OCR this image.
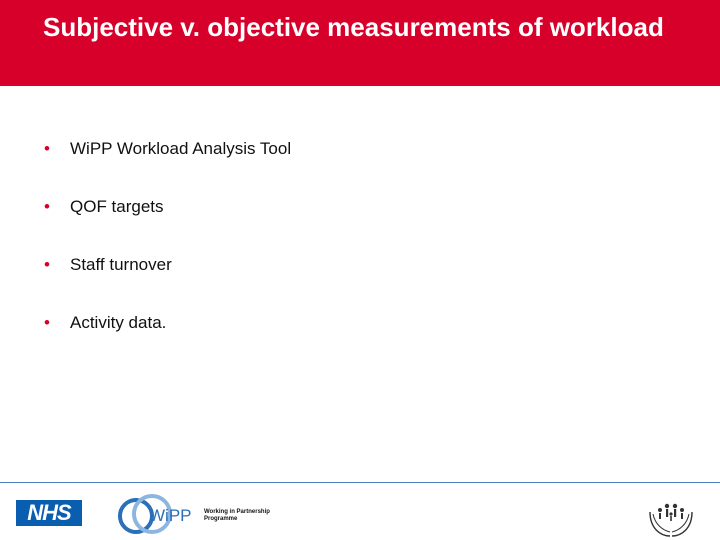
Subjective v. objective measurements of workload
• WiPP Workload Analysis Tool
• QOF targets
• Staff turnover
• Activity data.
NHS	WiPP Working in Partnership
Programme
